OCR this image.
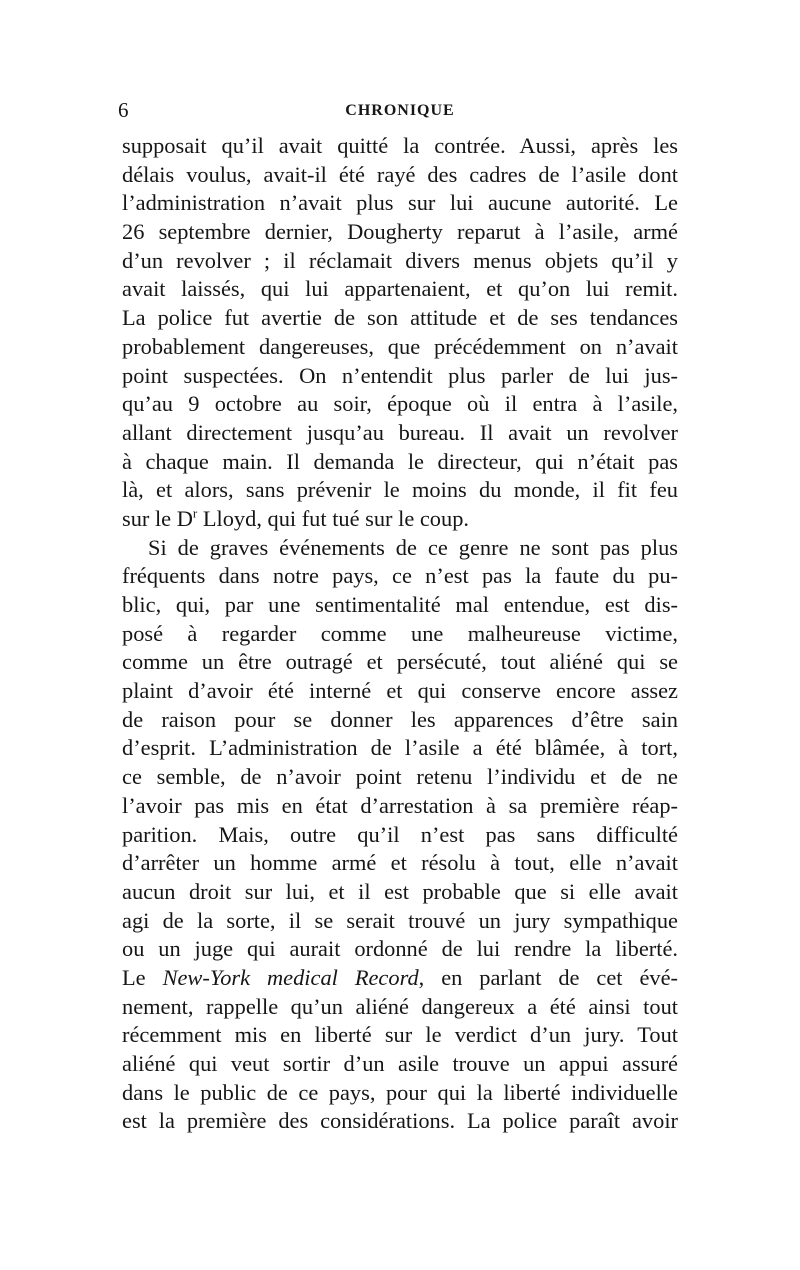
6	CHRONIQUE
supposait qu’il avait quitté la contrée. Aussi, après les
délais voulus, avait-il été rayé des cadres de l’asile dont
l’administration n’avait plus sur lui aucune autorité. Le
26 septembre dernier, Dougherty reparut à l’asile, armé
d’un revolver ; il réclamait divers menus objets qu’il y
avait laissés, qui lui appartenaient, et qu’on lui remit.
La police fut avertie de son attitude et de ses tendances
probablement dangereuses, que précédemment on n’avait
point suspectées. On n’entendit plus parler de lui jus-
qu’au 9 octobre au soir, époque où il entra à l’asile,
allant directement jusqu’au bureau. Il avait un revolver
à chaque main. Il demanda le directeur, qui n’était pas
là, et alors, sans prévenir le moins du monde, il fit feu
sur le $D^r$ Lloyd, qui fut tué sur le coup.
Si de graves événements de ce genre ne sont pas plus
fréquents dans notre pays, ce n’est pas la faute du pu-
blic, qui, par une sentimentalité mal entendue, est dis-
posé à regarder comme une malheureuse victime,
comme un être outragé et persécuté, tout aliéné qui se
plaint d’avoir été interné et qui conserve encore assez
de raison pour se donner les apparences d’être sain
d’esprit. L’administration de l’asile a été blâmée, à tort,
ce semble, de n’avoir point retenu l’individu et de ne
l’avoir pas mis en état d’arrestation à sa première réap-
parition. Mais, outre qu’il n’est pas sans difficulté
d’arrêter un homme armé et résolu à tout, elle n’avait
aucun droit sur lui, et il est probable que si elle avait
agi de la sorte, il se serait trouvé un jury sympathique
ou un juge qui aurait ordonné de lui rendre la liberté.
Le New-York medical Record, en parlant de cet évé-
nement, rappelle qu’un aliéné dangereux a été ainsi tout
récemment mis en liberté sur le verdict d’un jury. Tout
aliéné qui veut sortir d’un asile trouve un appui assuré
dans le public de ce pays, pour qui la liberté individuelle
est la première des considérations. La police paraît avoir
